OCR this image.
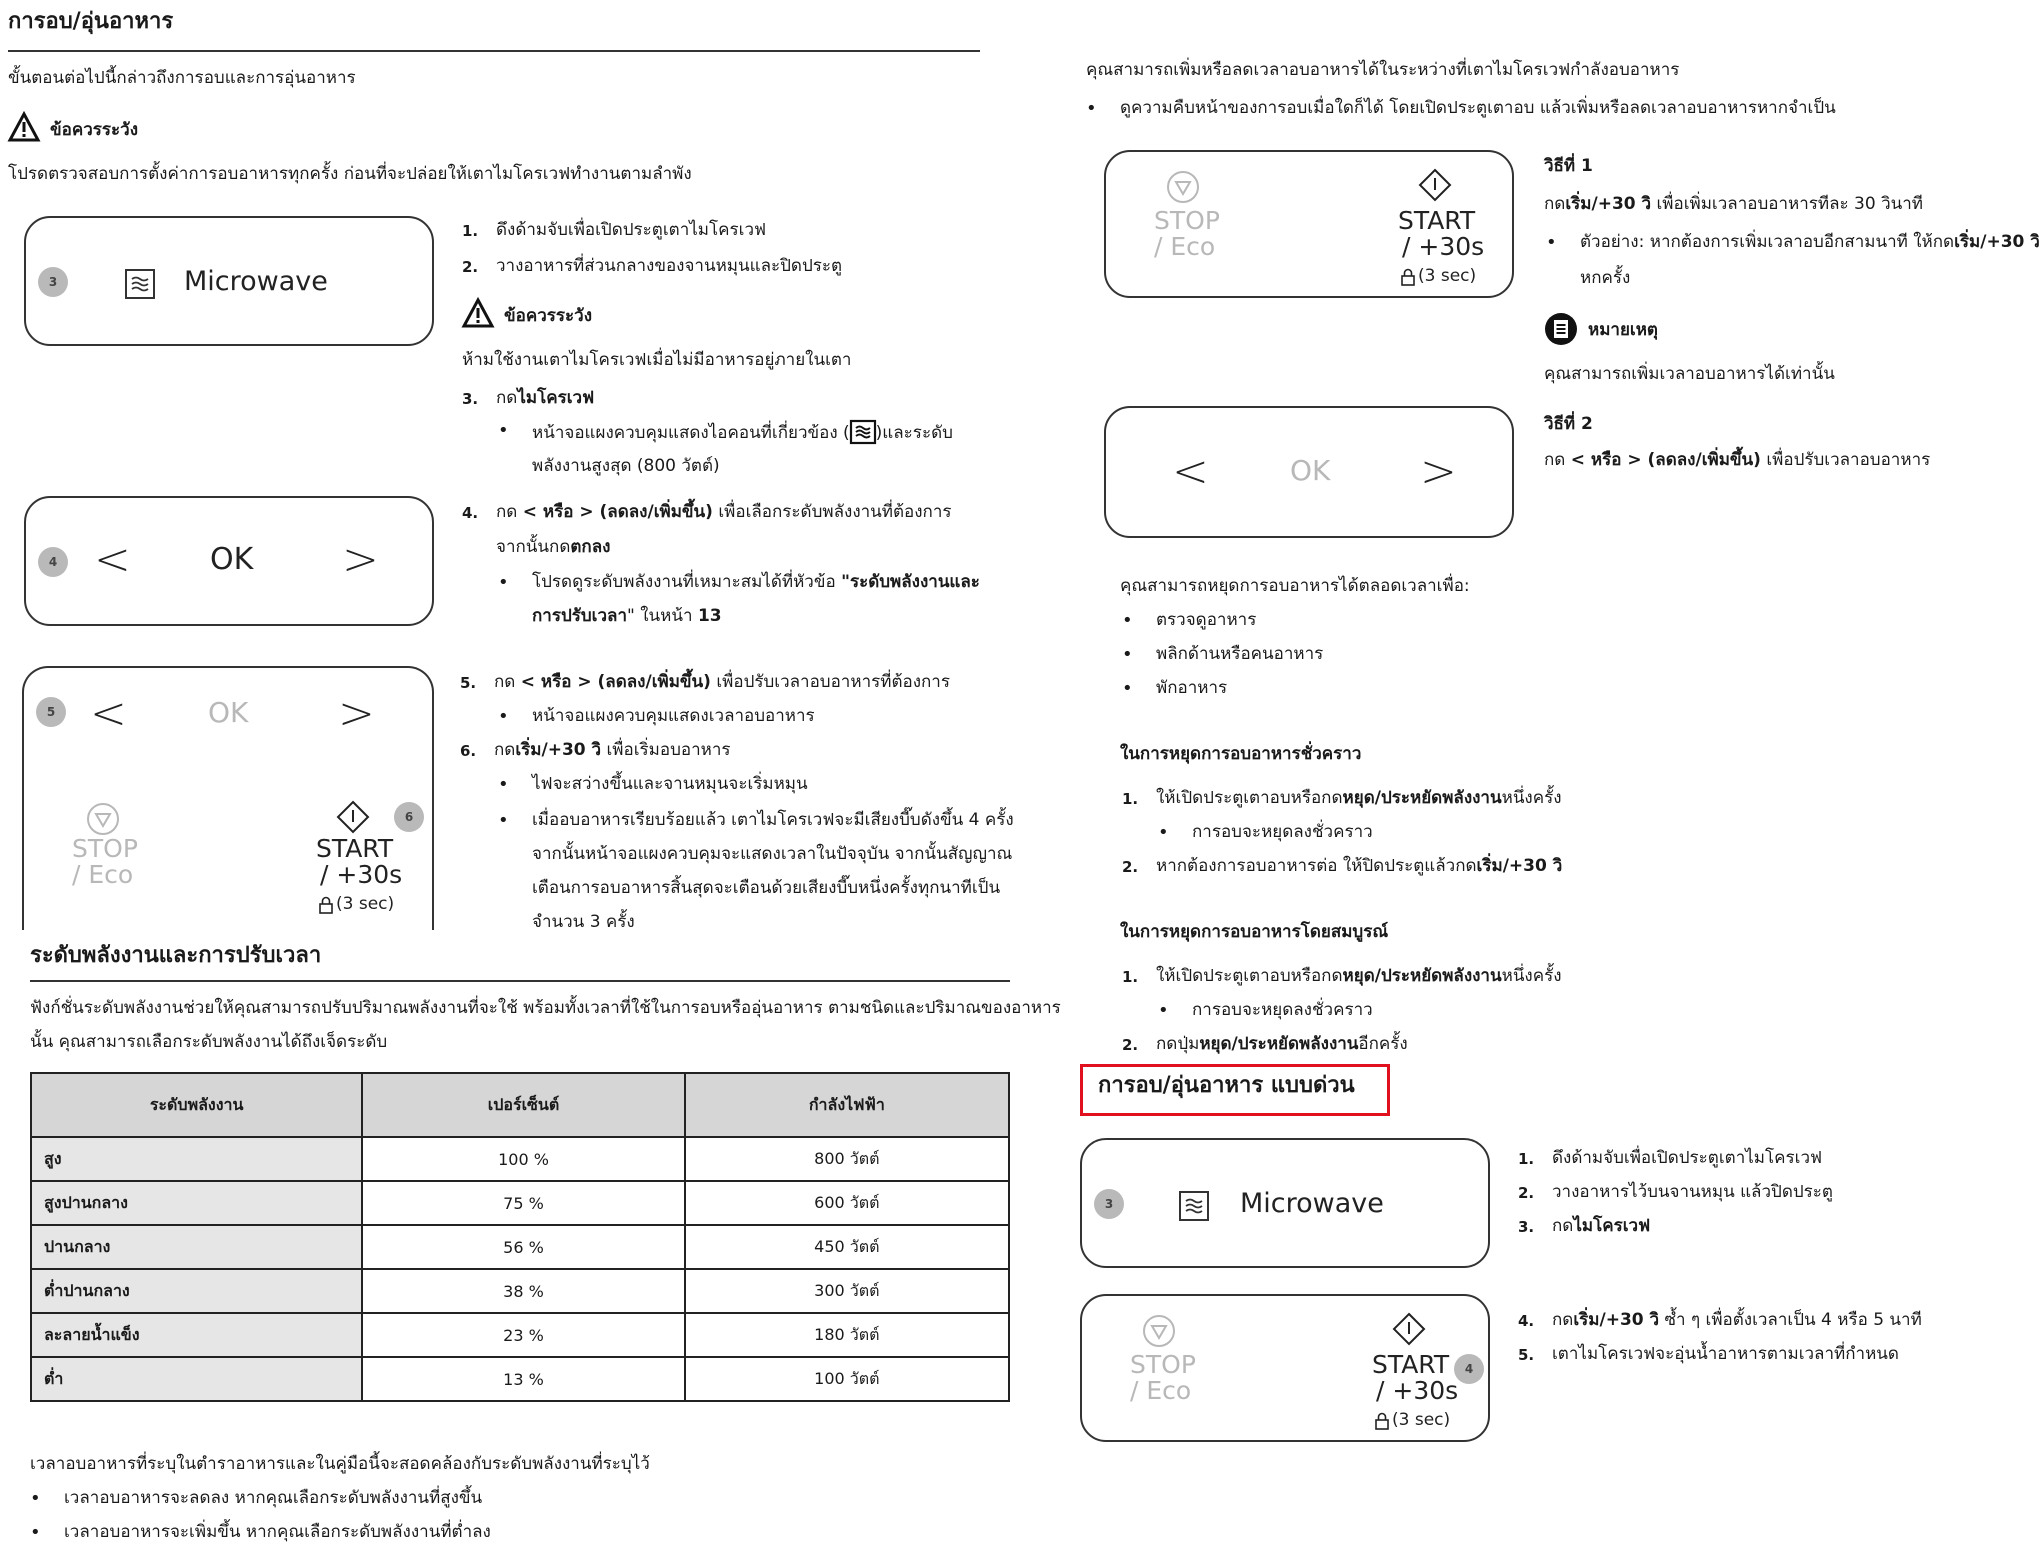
การอบ/อุ่นอาหาร
ขั้นตอนต่อไปนี้กล่าวถึงการอบและการอุ่นอาหาร
ข้อควรระวัง
โปรดตรวจสอบการตั้งค่าการอบอาหารทุกครั้ง ก่อนที่จะปล่อยให้เตาไมโครเวฟทำงานตามลำพัง
3	Microwave
4 <	OK >
5 <	OK >
STOP
/ Eco
6
START
/ +30s
(3 sec)
1. ดึงด้ามจับเพื่อเปิดประตูเตาไมโครเวฟ
2. วางอาหารที่ส่วนกลางของจานหมุนและปิดประตู
ข้อควรระวัง
ห้ามใช้งานเตาไมโครเวฟเมื่อไม่มีอาหารอยู่ภายในเตา
3. กดไมโครเวฟ
• หน้าจอแผงควบคุมแสดงไอคอนที่เกี่ยวข้อง ( )และระดับ
พลังงานสูงสุด (800 วัตต์)
4. กด < หรือ > (ลดลง/เพิ่มขึ้น) เพื่อเลือกระดับพลังงานที่ต้องการ
จากนั้นกดตกลง
• โปรดดูระดับพลังงานที่เหมาะสมได้ที่หัวข้อ "ระดับพลังงานและ
การปรับเวลา" ในหน้า 13
5. กด < หรือ > (ลดลง/เพิ่มขึ้น) เพื่อปรับเวลาอบอาหารที่ต้องการ
• หน้าจอแผงควบคุมแสดงเวลาอบอาหาร
6. กดเริ่ม/+30 วิ เพื่อเริ่มอบอาหาร
• ไฟจะสว่างขึ้นและจานหมุนจะเริ่มหมุน
• เมื่ออบอาหารเรียบร้อยแล้ว เตาไมโครเวฟจะมีเสียงบี๊บดังขึ้น 4 ครั้ง
จากนั้นหน้าจอแผงควบคุมจะแสดงเวลาในปัจจุบัน จากนั้นสัญญาณ
เตือนการอบอาหารสิ้นสุดจะเตือนด้วยเสียงบี๊บหนึ่งครั้งทุกนาทีเป็น
จำนวน 3 ครั้ง
ระดับพลังงานและการปรับเวลา
ฟังก์ชั่นระดับพลังงานช่วยให้คุณสามารถปรับปริมาณพลังงานที่จะใช้ พร้อมทั้งเวลาที่ใช้ในการอบหรืออุ่นอาหาร ตามชนิดและปริมาณของอาหาร
นั้น คุณสามารถเลือกระดับพลังงานได้ถึงเจ็ดระดับ
ระดับพลังงาน	เปอร์เซ็นต์	กำลังไฟฟ้า
สูง	100 %	800 วัตต์
สูงปานกลาง	75 %	600 วัตต์
ปานกลาง	56 %	450 วัตต์
ต่ำปานกลาง	38 %	300 วัตต์
ละลายน้ำแข็ง	23 %	180 วัตต์
ต่ำ	13 %	100 วัตต์
เวลาอบอาหารที่ระบุในตำราอาหารและในคู่มือนี้จะสอดคล้องกับระดับพลังงานที่ระบุไว้
• เวลาอบอาหารจะลดลง หากคุณเลือกระดับพลังงานที่สูงขึ้น
• เวลาอบอาหารจะเพิ่มขึ้น หากคุณเลือกระดับพลังงานที่ต่ำลง
คุณสามารถเพิ่มหรือลดเวลาอบอาหารได้ในระหว่างที่เตาไมโครเวฟกำลังอบอาหาร
• ดูความคืบหน้าของการอบเมื่อใดก็ได้ โดยเปิดประตูเตาอบ แล้วเพิ่มหรือลดเวลาอบอาหารหากจำเป็น
STOP
/ Eco
START
/ +30s
(3 sec)
วิธีที่ 1
กดเริ่ม/+30 วิ เพื่อเพิ่มเวลาอบอาหารทีละ 30 วินาที
• ตัวอย่าง: หากต้องการเพิ่มเวลาอบอีกสามนาที ให้กดเริ่ม/+30 วิ
หกครั้ง
หมายเหตุ
คุณสามารถเพิ่มเวลาอบอาหารได้เท่านั้น
<	OK >
วิธีที่ 2
กด < หรือ > (ลดลง/เพิ่มขึ้น) เพื่อปรับเวลาอบอาหาร
คุณสามารถหยุดการอบอาหารได้ตลอดเวลาเพื่อ:
• ตรวจดูอาหาร
• พลิกด้านหรือคนอาหาร
• พักอาหาร
ในการหยุดการอบอาหารชั่วคราว
1. ให้เปิดประตูเตาอบหรือกดหยุด/ประหยัดพลังงานหนึ่งครั้ง
• การอบจะหยุดลงชั่วคราว
2. หากต้องการอบอาหารต่อ ให้ปิดประตูแล้วกดเริ่ม/+30 วิ
ในการหยุดการอบอาหารโดยสมบูรณ์
1. ให้เปิดประตูเตาอบหรือกดหยุด/ประหยัดพลังงานหนึ่งครั้ง
• การอบจะหยุดลงชั่วคราว
2. กดปุ่มหยุด/ประหยัดพลังงานอีกครั้ง
การอบ/อุ่นอาหาร แบบด่วน
3	Microwave
STOP
/ Eco
START	4
/ +30s
(3 sec)
1. ดึงด้ามจับเพื่อเปิดประตูเตาไมโครเวฟ
2. วางอาหารไว้บนจานหมุน แล้วปิดประตู
3. กดไมโครเวฟ
4. กดเริ่ม/+30 วิ ซ้ำ ๆ เพื่อตั้งเวลาเป็น 4 หรือ 5 นาที
5. เตาไมโครเวฟจะอุ่นน้ำอาหารตามเวลาที่กำหนด
